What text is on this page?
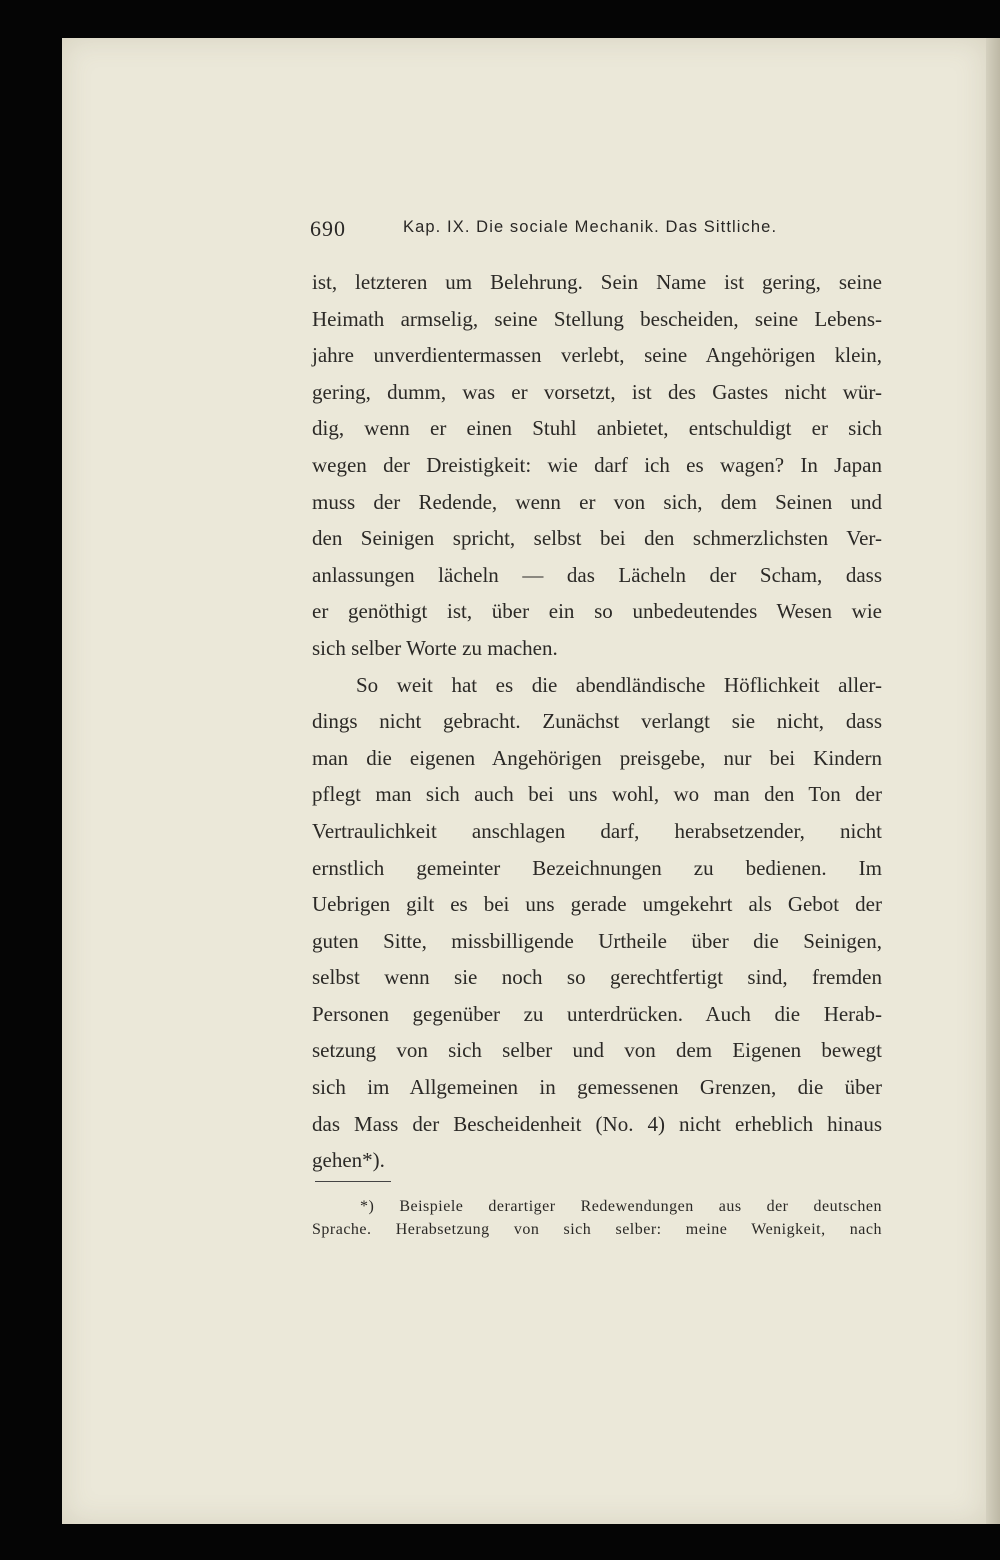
690	Kap. IX. Die sociale Mechanik. Das Sittliche.
ist, letzteren um Belehrung. Sein Name ist gering, seine
Heimath armselig, seine Stellung bescheiden, seine Lebens-
jahre unverdientermassen verlebt, seine Angehörigen klein,
gering, dumm, was er vorsetzt, ist des Gastes nicht wür-
dig, wenn er einen Stuhl anbietet, entschuldigt er sich
wegen der Dreistigkeit: wie darf ich es wagen? In Japan
muss der Redende, wenn er von sich, dem Seinen und
den Seinigen spricht, selbst bei den schmerzlichsten Ver-
anlassungen lächeln — das Lächeln der Scham, dass
er genöthigt ist, über ein so unbedeutendes Wesen wie
sich selber Worte zu machen.
So weit hat es die abendländische Höflichkeit aller-
dings nicht gebracht. Zunächst verlangt sie nicht, dass
man die eigenen Angehörigen preisgebe, nur bei Kindern
pflegt man sich auch bei uns wohl, wo man den Ton der
Vertraulichkeit anschlagen darf, herabsetzender, nicht
ernstlich gemeinter Bezeichnungen zu bedienen. Im
Uebrigen gilt es bei uns gerade umgekehrt als Gebot der
guten Sitte, missbilligende Urtheile über die Seinigen,
selbst wenn sie noch so gerechtfertigt sind, fremden
Personen gegenüber zu unterdrücken. Auch die Herab-
setzung von sich selber und von dem Eigenen bewegt
sich im Allgemeinen in gemessenen Grenzen, die über
das Mass der Bescheidenheit (No. 4) nicht erheblich hinaus
gehen*).
*) Beispiele derartiger Redewendungen aus der deutschen
Sprache. Herabsetzung von sich selber: meine Wenigkeit, nach
